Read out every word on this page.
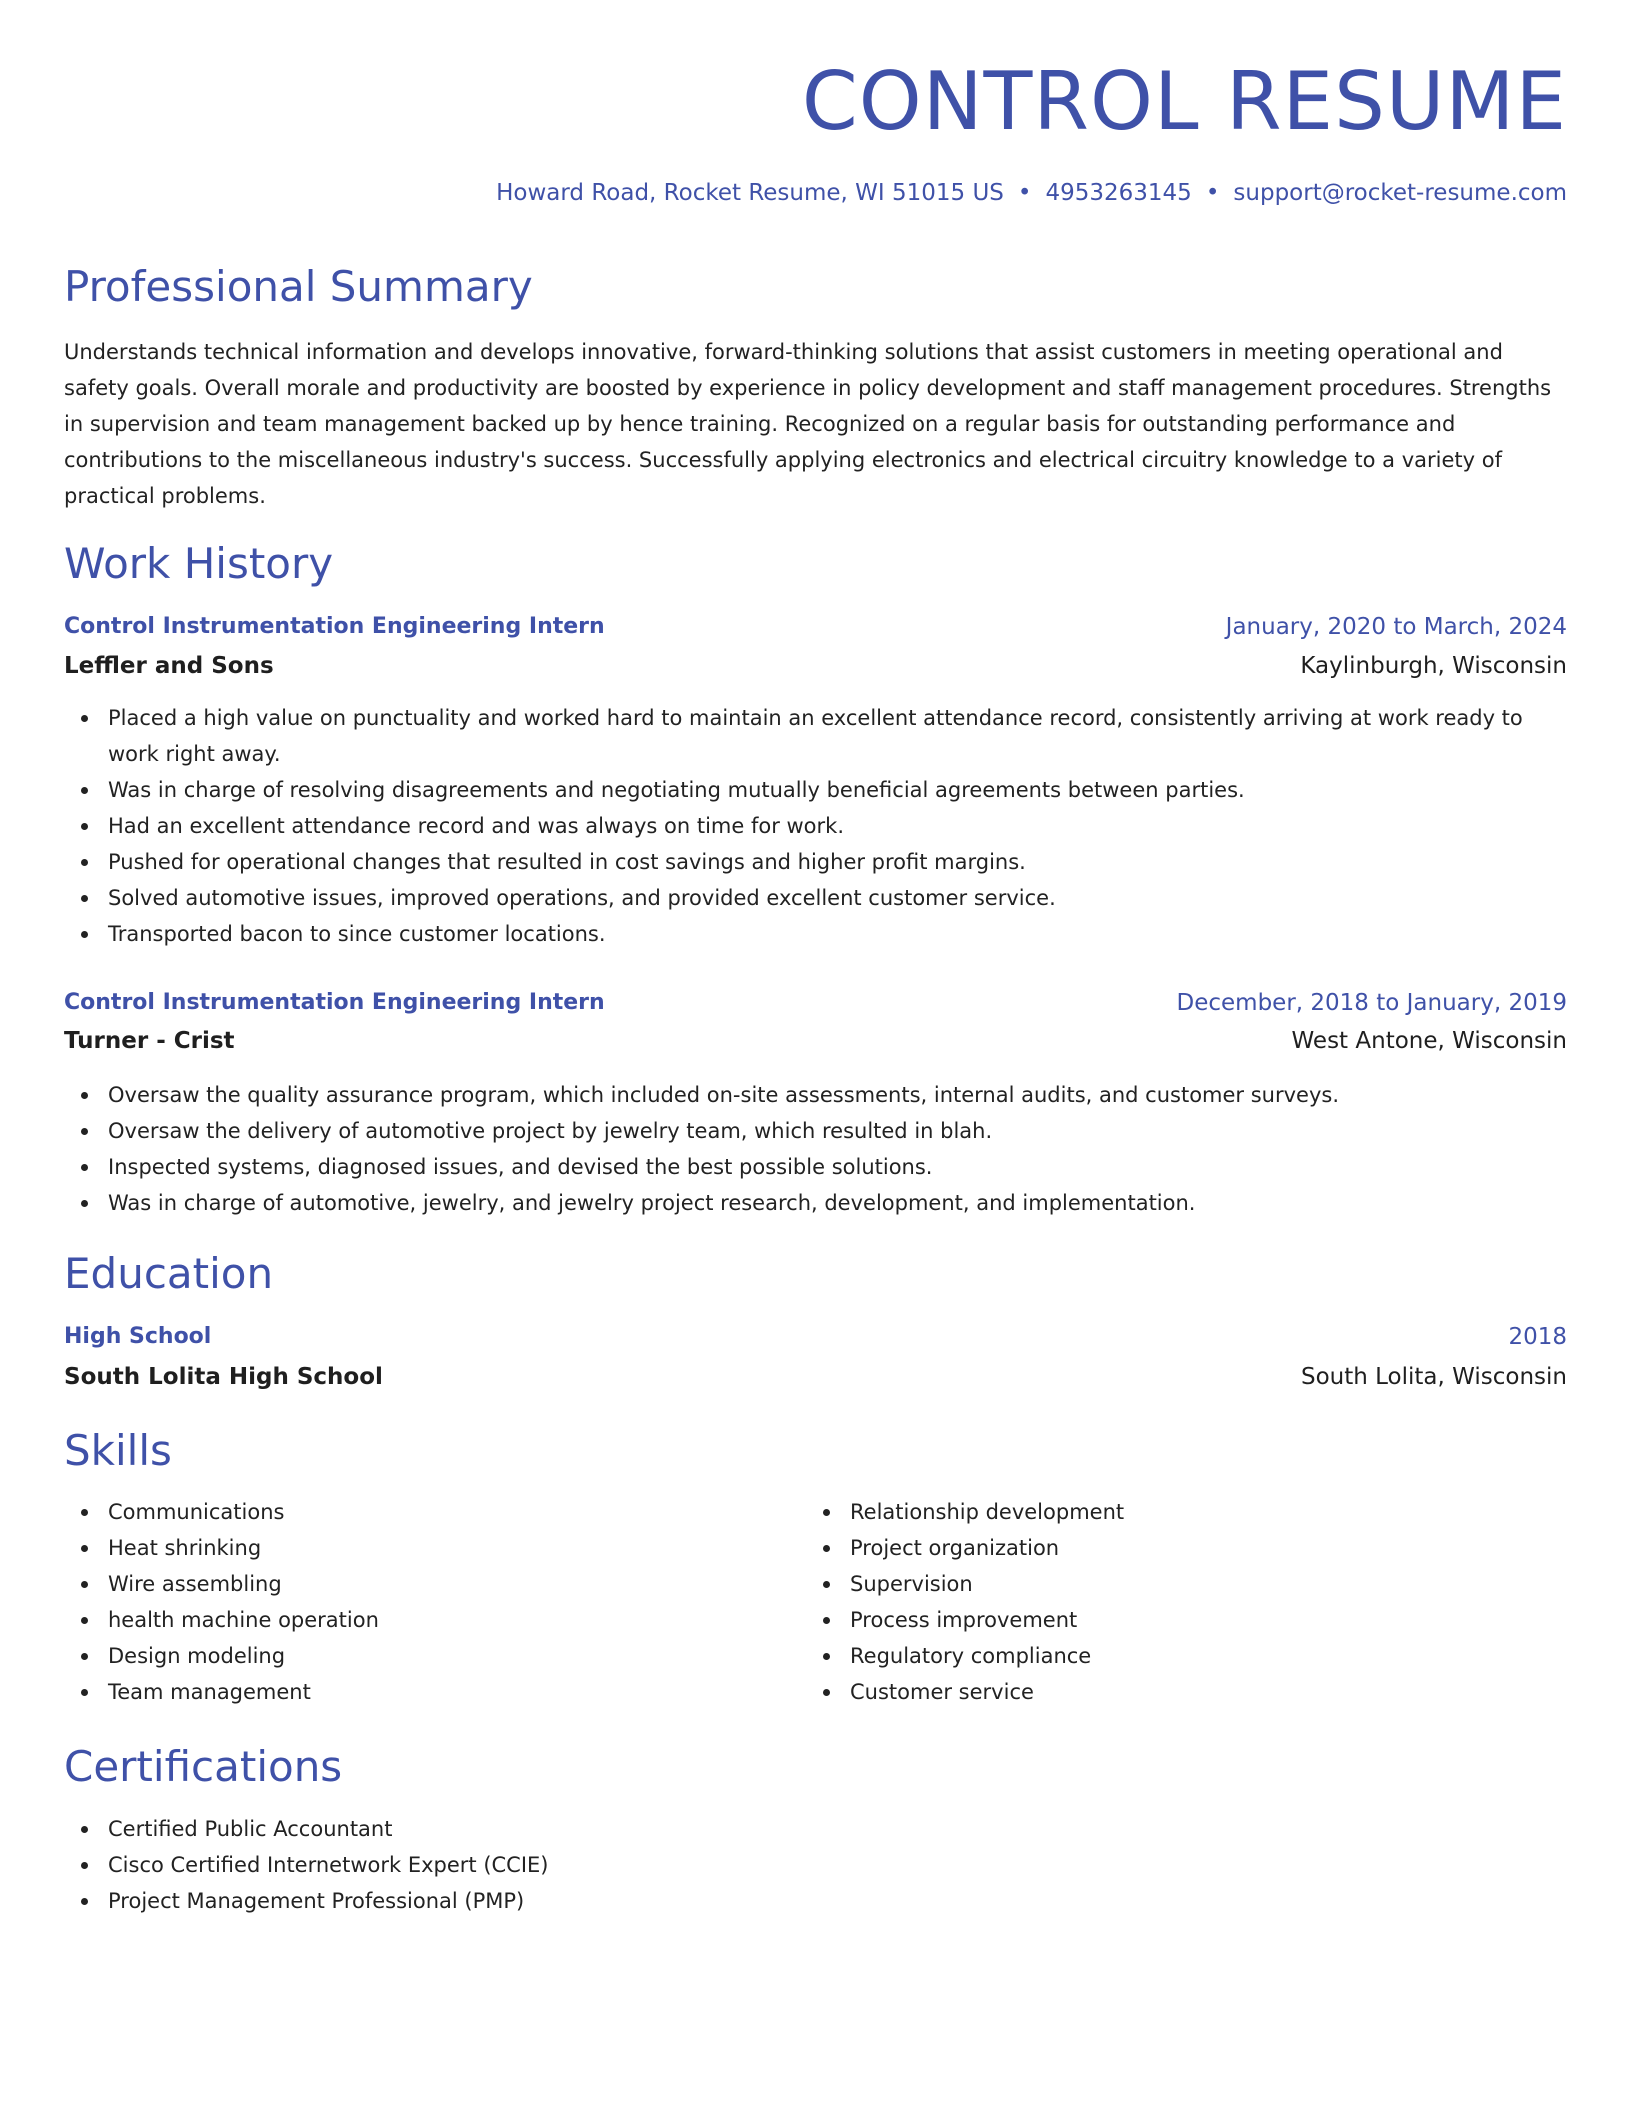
CONTROL RESUME
Howard Road, Rocket Resume, WI 51015 US • 4953263145 • support@rocket-resume.com
Professional Summary

Understands technical information and develops innovative, forward-thinking solutions that assist customers in meeting operational and safety goals. Overall morale and productivity are boosted by experience in policy development and staff management procedures. Strengths in supervision and team management backed up by hence training. Recognized on a regular basis for outstanding performance and contributions to the miscellaneous industry's success. Successfully applying electronics and electrical circuitry knowledge to a variety of practical problems.

Work History
Control Instrumentation Engineering Intern	January, 2020 to March, 2024
Leffler and Sons	Kaylinburgh, Wisconsin
Placed a high value on punctuality and worked hard to maintain an excellent attendance record, consistently arriving at work ready to work right away.
Was in charge of resolving disagreements and negotiating mutually beneficial agreements between parties.
Had an excellent attendance record and was always on time for work.
Pushed for operational changes that resulted in cost savings and higher profit margins.
Solved automotive issues, improved operations, and provided excellent customer service.
Transported bacon to since customer locations.
Control Instrumentation Engineering Intern	December, 2018 to January, 2019
Turner - Crist	West Antone, Wisconsin
Oversaw the quality assurance program, which included on-site assessments, internal audits, and customer surveys.
Oversaw the delivery of automotive project by jewelry team, which resulted in blah.
Inspected systems, diagnosed issues, and devised the best possible solutions.
Was in charge of automotive, jewelry, and jewelry project research, development, and implementation.
Education
High School	2018
South Lolita High School	South Lolita, Wisconsin
Skills
Communications
Heat shrinking
Wire assembling
health machine operation
Design modeling
Team management
Relationship development
Project organization
Supervision
Process improvement
Regulatory compliance
Customer service
Certifications
Certified Public Accountant
Cisco Certified Internetwork Expert (CCIE)
Project Management Professional (PMP)
